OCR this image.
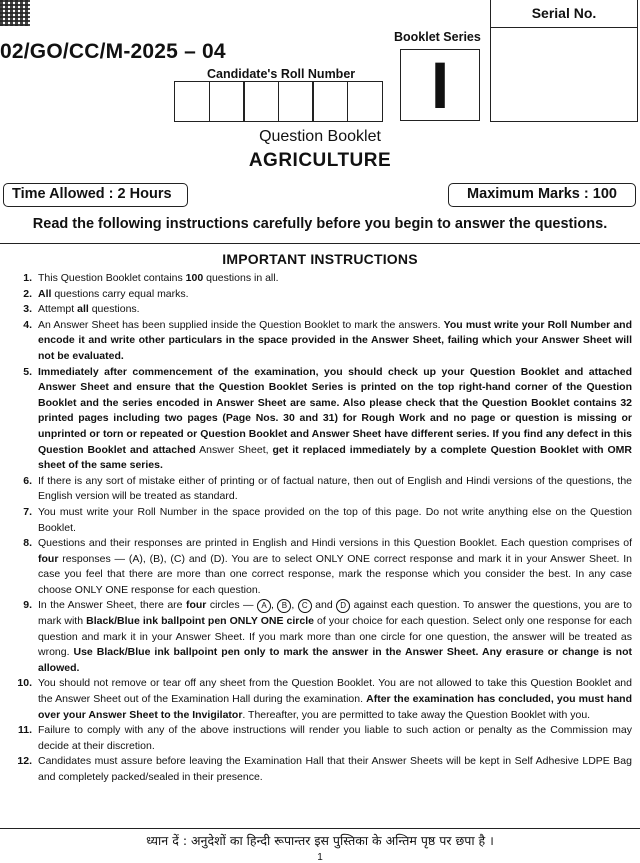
02/GO/CC/M-2025 – 04
Serial No.
Booklet Series
I
Candidate's Roll Number
Question Booklet
AGRICULTURE
Time Allowed : 2 Hours	Maximum Marks : 100
Read the following instructions carefully before you begin to answer the questions.
IMPORTANT INSTRUCTIONS
1. This Question Booklet contains 100 questions in all.
2. All questions carry equal marks.
3. Attempt all questions.
4. An Answer Sheet has been supplied inside the Question Booklet to mark the answers. You must write your Roll Number and encode it and write other particulars in the space provided in the Answer Sheet, failing which your Answer Sheet will not be evaluated.
5. Immediately after commencement of the examination, you should check up your Question Booklet and attached Answer Sheet and ensure that the Question Booklet Series is printed on the top right-hand corner of the Question Booklet and the series encoded in Answer Sheet are same. Also please check that the Question Booklet contains 32 printed pages including two pages (Page Nos. 30 and 31) for Rough Work and no page or question is missing or unprinted or torn or repeated or Question Booklet and Answer Sheet have different series. If you find any defect in this Question Booklet and attached Answer Sheet, get it replaced immediately by a complete Question Booklet with OMR sheet of the same series.
6. If there is any sort of mistake either of printing or of factual nature, then out of English and Hindi versions of the questions, the English version will be treated as standard.
7. You must write your Roll Number in the space provided on the top of this page. Do not write anything else on the Question Booklet.
8. Questions and their responses are printed in English and Hindi versions in this Question Booklet. Each question comprises of four responses — (A), (B), (C) and (D). You are to select ONLY ONE correct response and mark it in your Answer Sheet. In case you feel that there are more than one correct response, mark the response which you consider the best. In any case choose ONLY ONE response for each question.
9. In the Answer Sheet, there are four circles — A , B , C and D against each question. To answer the questions, you are to mark with Black/Blue ink ballpoint pen ONLY ONE circle of your choice for each question. Select only one response for each question and mark it in your Answer Sheet. If you mark more than one circle for one question, the answer will be treated as wrong. Use Black/Blue ink ballpoint pen only to mark the answer in the Answer Sheet. Any erasure or change is not allowed.
10. You should not remove or tear off any sheet from the Question Booklet. You are not allowed to take this Question Booklet and the Answer Sheet out of the Examination Hall during the examination. After the examination has concluded, you must hand over your Answer Sheet to the Invigilator. Thereafter, you are permitted to take away the Question Booklet with you.
11. Failure to comply with any of the above instructions will render you liable to such action or penalty as the Commission may decide at their discretion.
12. Candidates must assure before leaving the Examination Hall that their Answer Sheets will be kept in Self Adhesive LDPE Bag and completely packed/sealed in their presence.
ध्यान दें : अनुदेशों का हिन्दी रूपान्तर इस पुस्तिका के अन्तिम पृष्ठ पर छपा है ।
1
